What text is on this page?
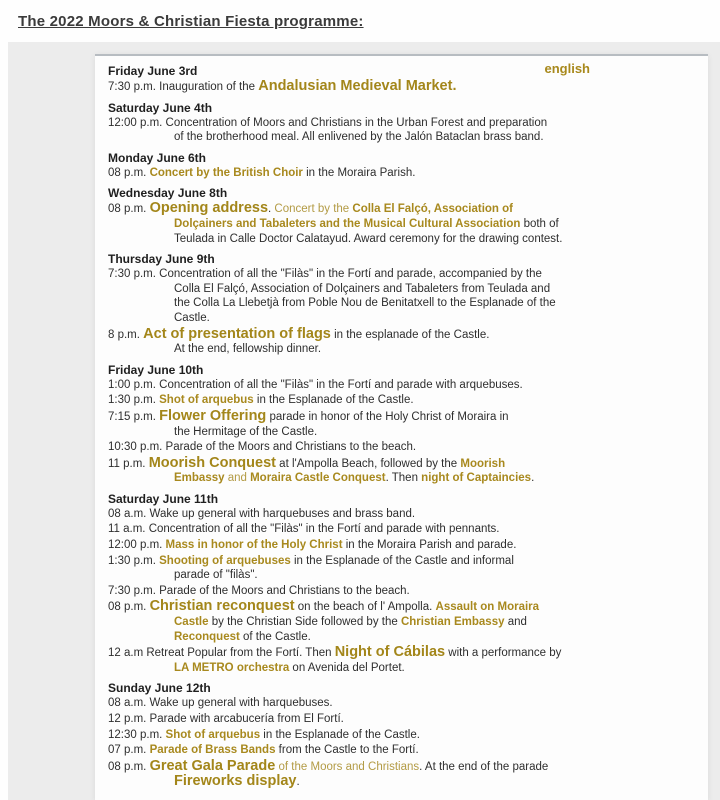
The 2022 Moors & Christian Fiesta programme:
english
Friday June 3rd
7:30 p.m. Inauguration of the Andalusian Medieval Market.
Saturday June 4th
12:00 p.m. Concentration of Moors and Christians in the Urban Forest and preparation
of the brotherhood meal. All enlivened by the Jalón Bataclan brass band.
Monday June 6th
08 p.m. Concert by the British Choir in the Moraira Parish.
Wednesday June 8th
08 p.m. Opening address. Concert by the Colla El Falçó, Association of
Dolçainers and Tabaleters and the Musical Cultural Association both of
Teulada in Calle Doctor Calatayud. Award ceremony for the drawing contest.
Thursday June 9th
7:30 p.m. Concentration of all the "Filàs" in the Fortí and parade, accompanied by the
Colla El Falçó, Association of Dolçainers and Tabaleters from Teulada and
the Colla La Llebetjà from Poble Nou de Benitatxell to the Esplanade of the
Castle.
8 p.m. Act of presentation of flags in the esplanade of the Castle.
At the end, fellowship dinner.
Friday June 10th
1:00 p.m. Concentration of all the "Filàs" in the Fortí and parade with arquebuses.
1:30 p.m. Shot of arquebus in the Esplanade of the Castle.
7:15 p.m. Flower Offering parade in honor of the Holy Christ of Moraira in
the Hermitage of the Castle.
10:30 p.m. Parade of the Moors and Christians to the beach.
11 p.m. Moorish Conquest at l'Ampolla Beach, followed by the Moorish
Embassy and Moraira Castle Conquest. Then night of Captaincies.
Saturday June 11th
08 a.m. Wake up general with harquebuses and brass band.
11 a.m. Concentration of all the "Filàs" in the Fortí and parade with pennants.
12:00 p.m. Mass in honor of the Holy Christ in the Moraira Parish and parade.
1:30 p.m. Shooting of arquebuses in the Esplanade of the Castle and informal
parade of "filàs".
7:30 p.m. Parade of the Moors and Christians to the beach.
08 p.m. Christian reconquest on the beach of l' Ampolla. Assault on Moraira
Castle by the Christian Side followed by the Christian Embassy and
Reconquest of the Castle.
12 a.m Retreat Popular from the Fortí. Then Night of Cábilas with a performance by
LA METRO orchestra on Avenida del Portet.
Sunday June 12th
08 a.m. Wake up general with harquebuses.
12 p.m. Parade with arcabucería from El Fortí.
12:30 p.m. Shot of arquebus in the Esplanade of the Castle.
07 p.m. Parade of Brass Bands from the Castle to the Fortí.
08 p.m. Great Gala Parade of the Moors and Christians. At the end of the parade
Fireworks display.
